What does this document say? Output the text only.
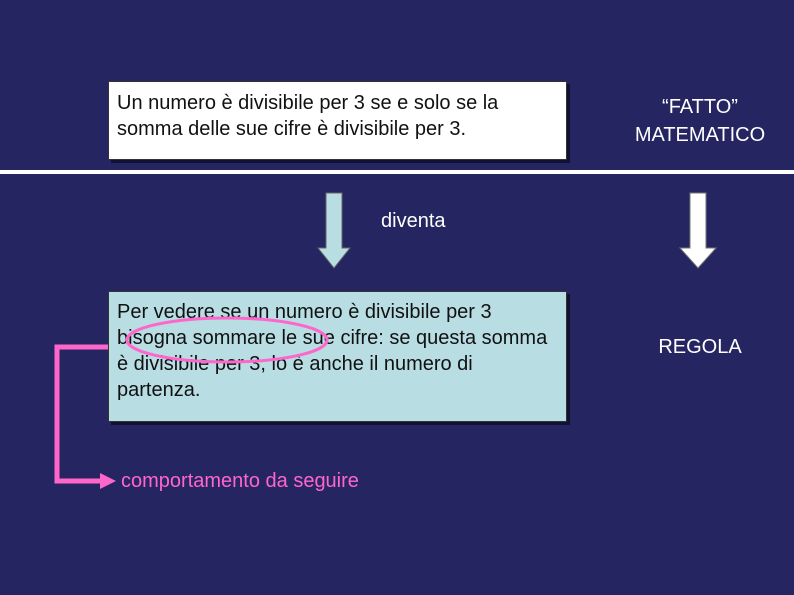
Un numero è divisibile per 3 se e solo se la somma delle sue cifre è divisibile per 3.
“FATTO”
MATEMATICO
diventa
Per vedere se un numero è divisibile per 3 bisogna sommare le sue cifre: se questa somma è divisibile per 3, lo è anche il numero di partenza.
REGOLA
comportamento da seguire
